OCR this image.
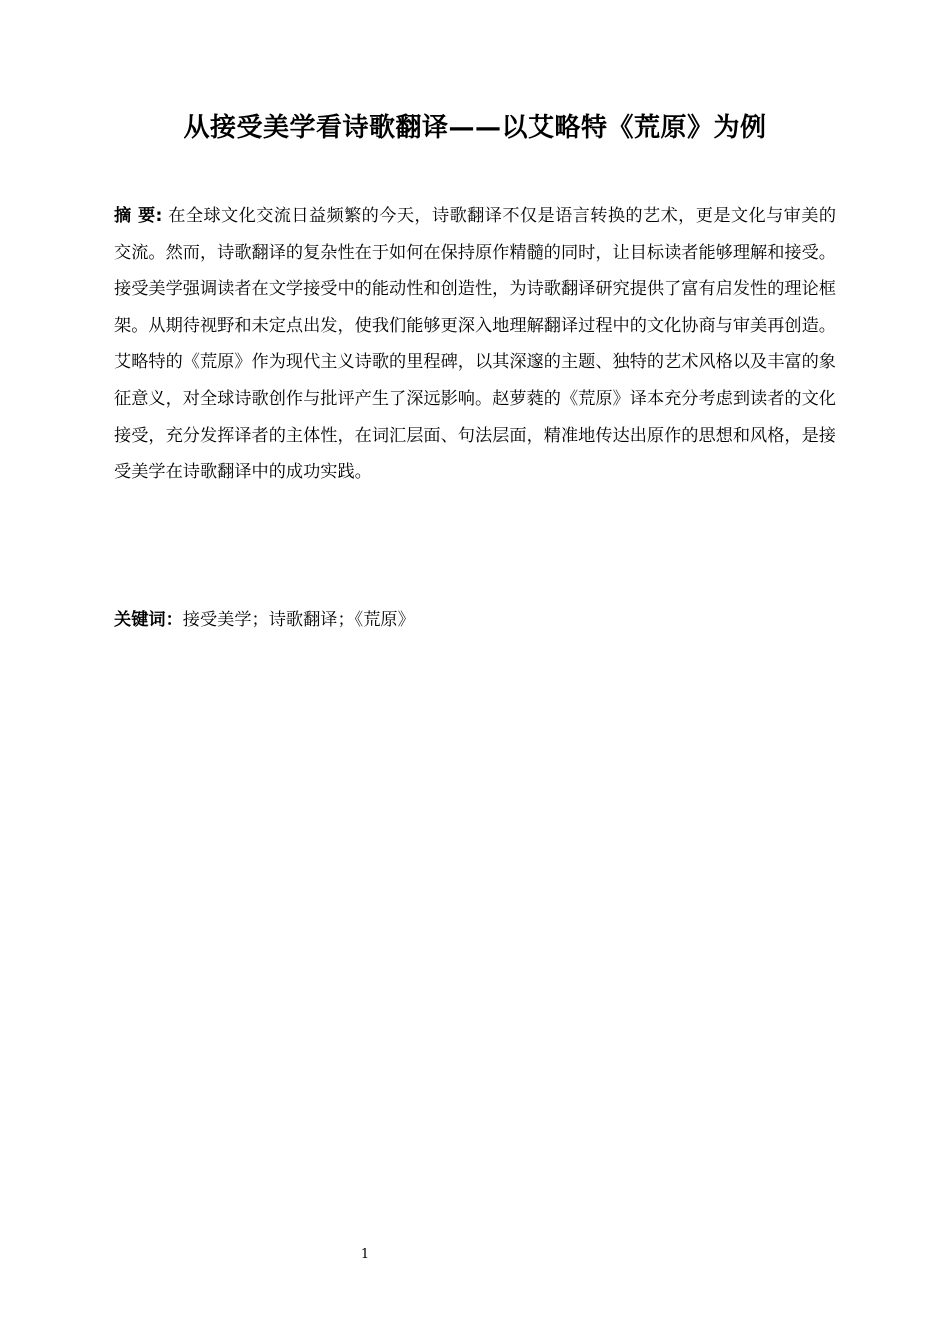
从接受美学看诗歌翻译——以艾略特《荒原》为例

摘 要: 在全球文化交流日益频繁的今天，诗歌翻译不仅是语言转换的艺术，更是文化与审美的交流。然而，诗歌翻译的复杂性在于如何在保持原作精髓的同时，让目标读者能够理解和接受。接受美学强调读者在文学接受中的能动性和创造性，为诗歌翻译研究提供了富有启发性的理论框架。从期待视野和未定点出发，使我们能够更深入地理解翻译过程中的文化协商与审美再创造。艾略特的《荒原》作为现代主义诗歌的里程碑，以其深邃的主题、独特的艺术风格以及丰富的象征意义，对全球诗歌创作与批评产生了深远影响。赵萝蕤的《荒原》译本充分考虑到读者的文化接受，充分发挥译者的主体性，在词汇层面、句法层面，精准地传达出原作的思想和风格，是接受美学在诗歌翻译中的成功实践。

关键词：接受美学；诗歌翻译；《荒原》

1
